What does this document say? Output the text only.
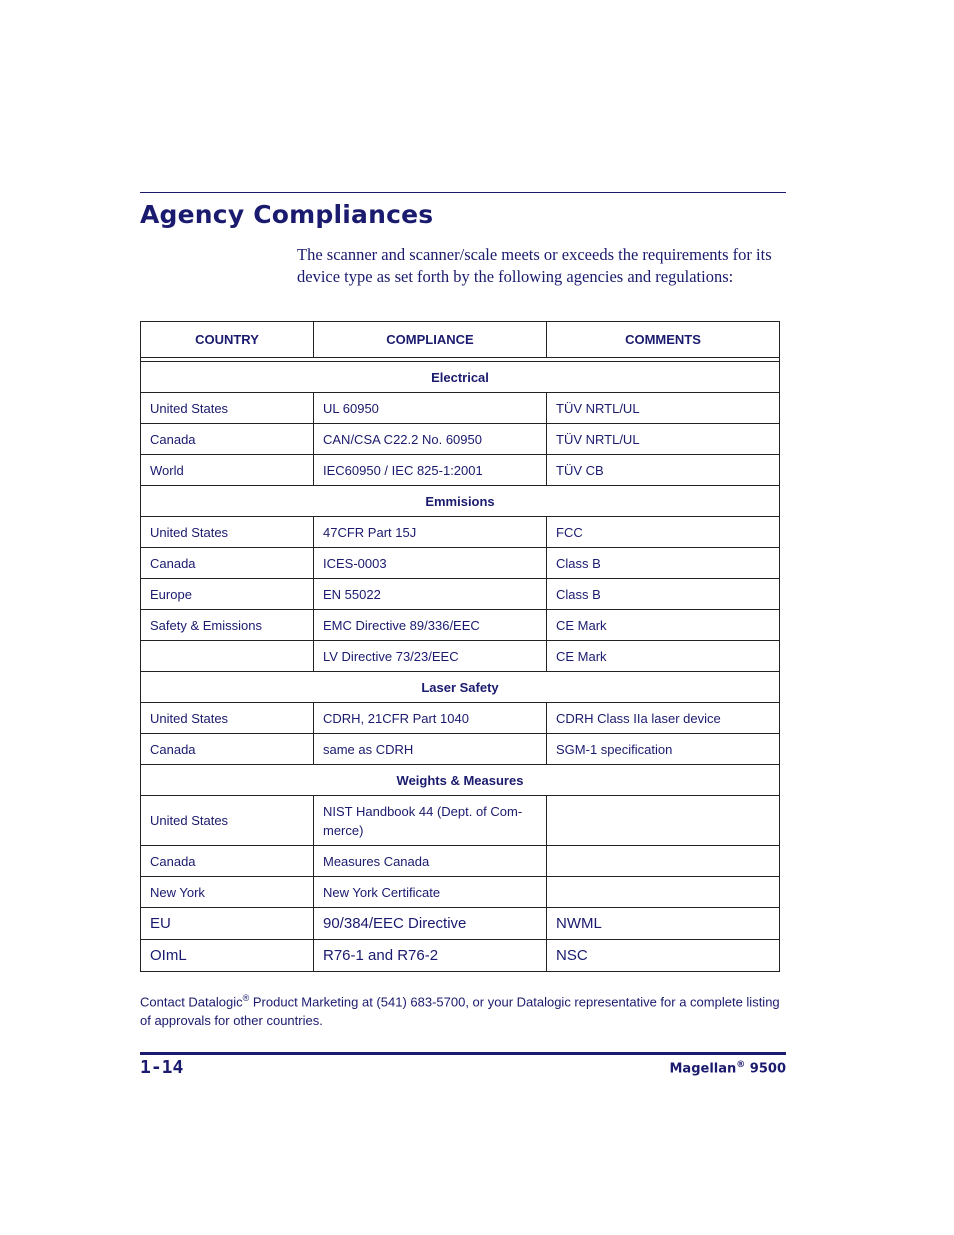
Agency Compliances

The scanner and scanner/scale meets or exceeds the requirements for its device type as set forth by the following agencies and regulations:

COUNTRY	COMPLIANCE	COMMENTS

Electrical		
United States	UL 60950	TÜV NRTL/UL
Canada	CAN/CSA C22.2 No. 60950	TÜV NRTL/UL
World	IEC60950 / IEC 825-1:2001	TÜV CB
Emmisions		
United States	47CFR Part 15J	FCC
Canada	ICES-0003	Class B
Europe	EN 55022	Class B
Safety & Emissions	EMC Directive 89/336/EEC	CE Mark
	LV Directive 73/23/EEC	CE Mark
Laser Safety		
United States	CDRH, 21CFR Part 1040	CDRH Class IIa laser device
Canada	same as CDRH	SGM-1 specification
Weights & Measures		
United States	NIST Handbook 44 (Dept. of Com-merce)	
Canada	Measures Canada	
New York	New York Certificate	
EU	90/384/EEC Directive	NWML
OImL	R76-1 and R76-2	NSC

Contact Datalogic® Product Marketing at (541) 683-5700, or your Datalogic representative for a complete listing of approvals for other countries.

1-14	Magellan® 9500
